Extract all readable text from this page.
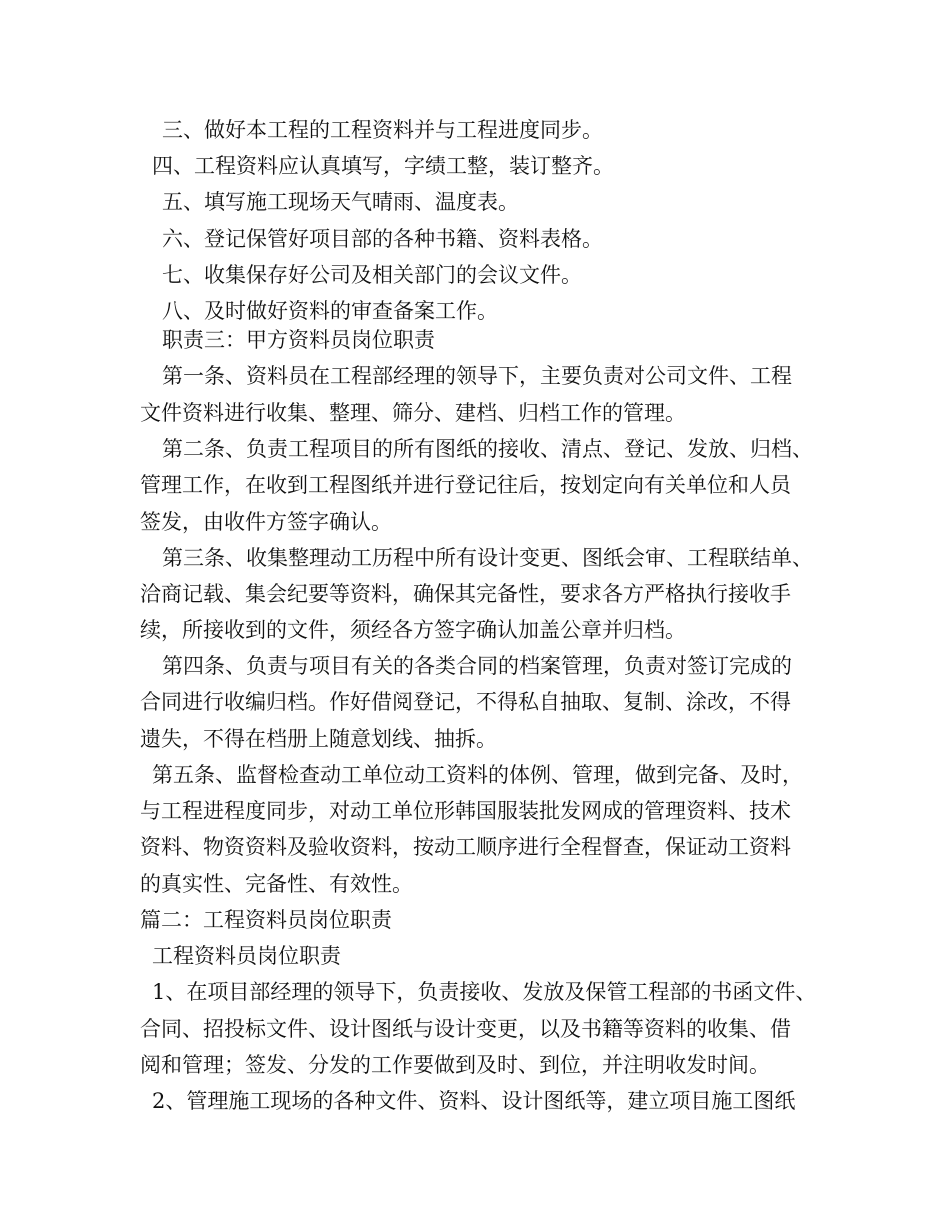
三、做好本工程的工程资料并与工程进度同步。
四、工程资料应认真填写，字绩工整，装订整齐。
五、填写施工现场天气晴雨、温度表。
六、登记保管好项目部的各种书籍、资料表格。
七、收集保存好公司及相关部门的会议文件。
八、及时做好资料的审查备案工作。
职责三：甲方资料员岗位职责
第一条、资料员在工程部经理的领导下，主要负责对公司文件、工程
文件资料进行收集、整理、筛分、建档、归档工作的管理。
第二条、负责工程项目的所有图纸的接收、清点、登记、发放、归档、
管理工作，在收到工程图纸并进行登记往后，按划定向有关单位和人员
签发，由收件方签字确认。
第三条、收集整理动工历程中所有设计变更、图纸会审、工程联结单、
洽商记载、集会纪要等资料，确保其完备性，要求各方严格执行接收手
续，所接收到的文件，须经各方签字确认加盖公章并归档。
第四条、负责与项目有关的各类合同的档案管理，负责对签订完成的
合同进行收编归档。作好借阅登记，不得私自抽取、复制、涂改，不得
遗失，不得在档册上随意划线、抽拆。
第五条、监督检查动工单位动工资料的体例、管理，做到完备、及时，
与工程进程度同步，对动工单位形韩国服装批发网成的管理资料、技术
资料、物资资料及验收资料，按动工顺序进行全程督查，保证动工资料
的真实性、完备性、有效性。
篇二：工程资料员岗位职责
工程资料员岗位职责
1、在项目部经理的领导下，负责接收、发放及保管工程部的书函文件、
合同、招投标文件、设计图纸与设计变更，以及书籍等资料的收集、借
阅和管理；签发、分发的工作要做到及时、到位，并注明收发时间。
2、管理施工现场的各种文件、资料、设计图纸等，建立项目施工图纸
